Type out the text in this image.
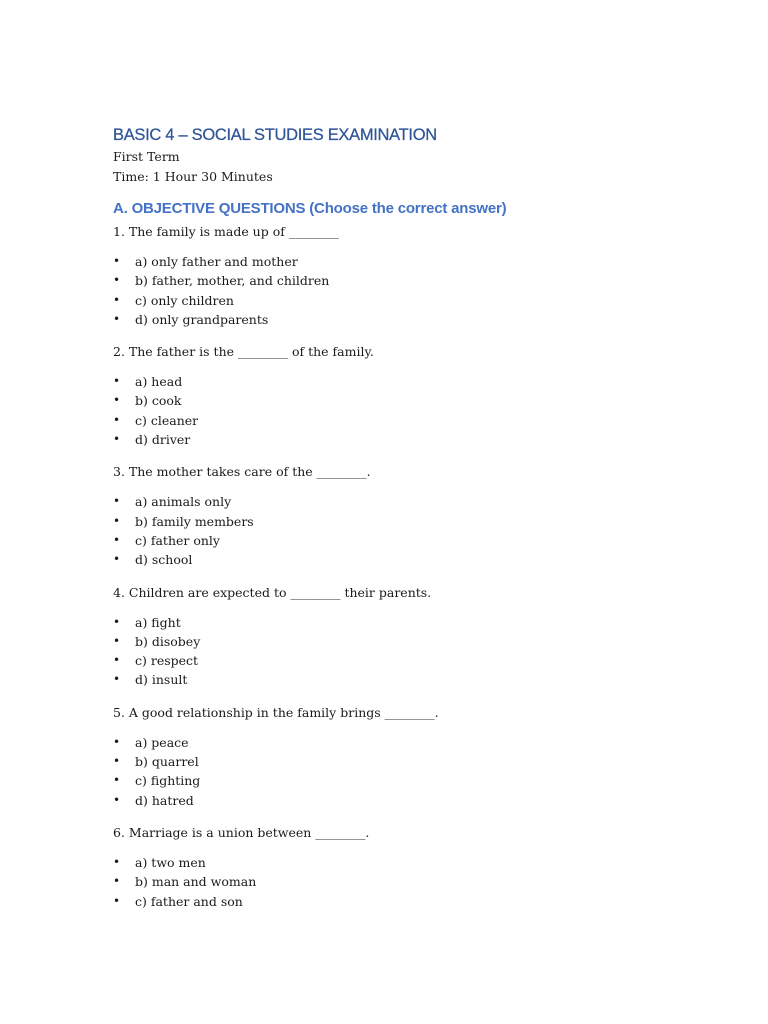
BASIC 4 – SOCIAL STUDIES EXAMINATION

First Term

Time: 1 Hour 30 Minutes

A. OBJECTIVE QUESTIONS (Choose the correct answer)

1. The family is made up of ________

• a) only father and mother
• b) father, mother, and children
• c) only children
• d) only grandparents

2. The father is the ________ of the family.

• a) head
• b) cook
• c) cleaner
• d) driver

3. The mother takes care of the ________.

• a) animals only
• b) family members
• c) father only
• d) school

4. Children are expected to ________ their parents.

• a) fight
• b) disobey
• c) respect
• d) insult

5. A good relationship in the family brings ________.

• a) peace
• b) quarrel
• c) fighting
• d) hatred

6. Marriage is a union between ________.

• a) two men
• b) man and woman
• c) father and son
